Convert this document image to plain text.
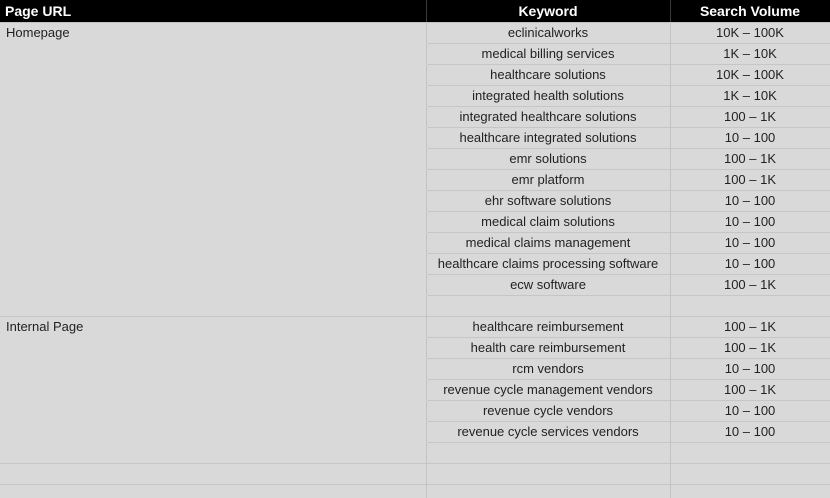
Page URL	Keyword	Search Volume
Homepage	eclinicalworks	10K – 100K
	medical billing services	1K – 10K
	healthcare solutions	10K – 100K
	integrated health solutions	1K – 10K
	integrated healthcare solutions	100 – 1K
	healthcare integrated solutions	10 – 100
	emr solutions	100 – 1K
	emr platform	100 – 1K
	ehr software solutions	10 – 100
	medical claim solutions	10 – 100
	medical claims management	10 – 100
	healthcare claims processing software	10 – 100
	ecw software	100 – 1K

Internal Page	healthcare reimbursement	100 – 1K
	health care reimbursement	100 – 1K
	rcm vendors	10 – 100
	revenue cycle management vendors	100 – 1K
	revenue cycle vendors	10 – 100
	revenue cycle services vendors	10 – 100
